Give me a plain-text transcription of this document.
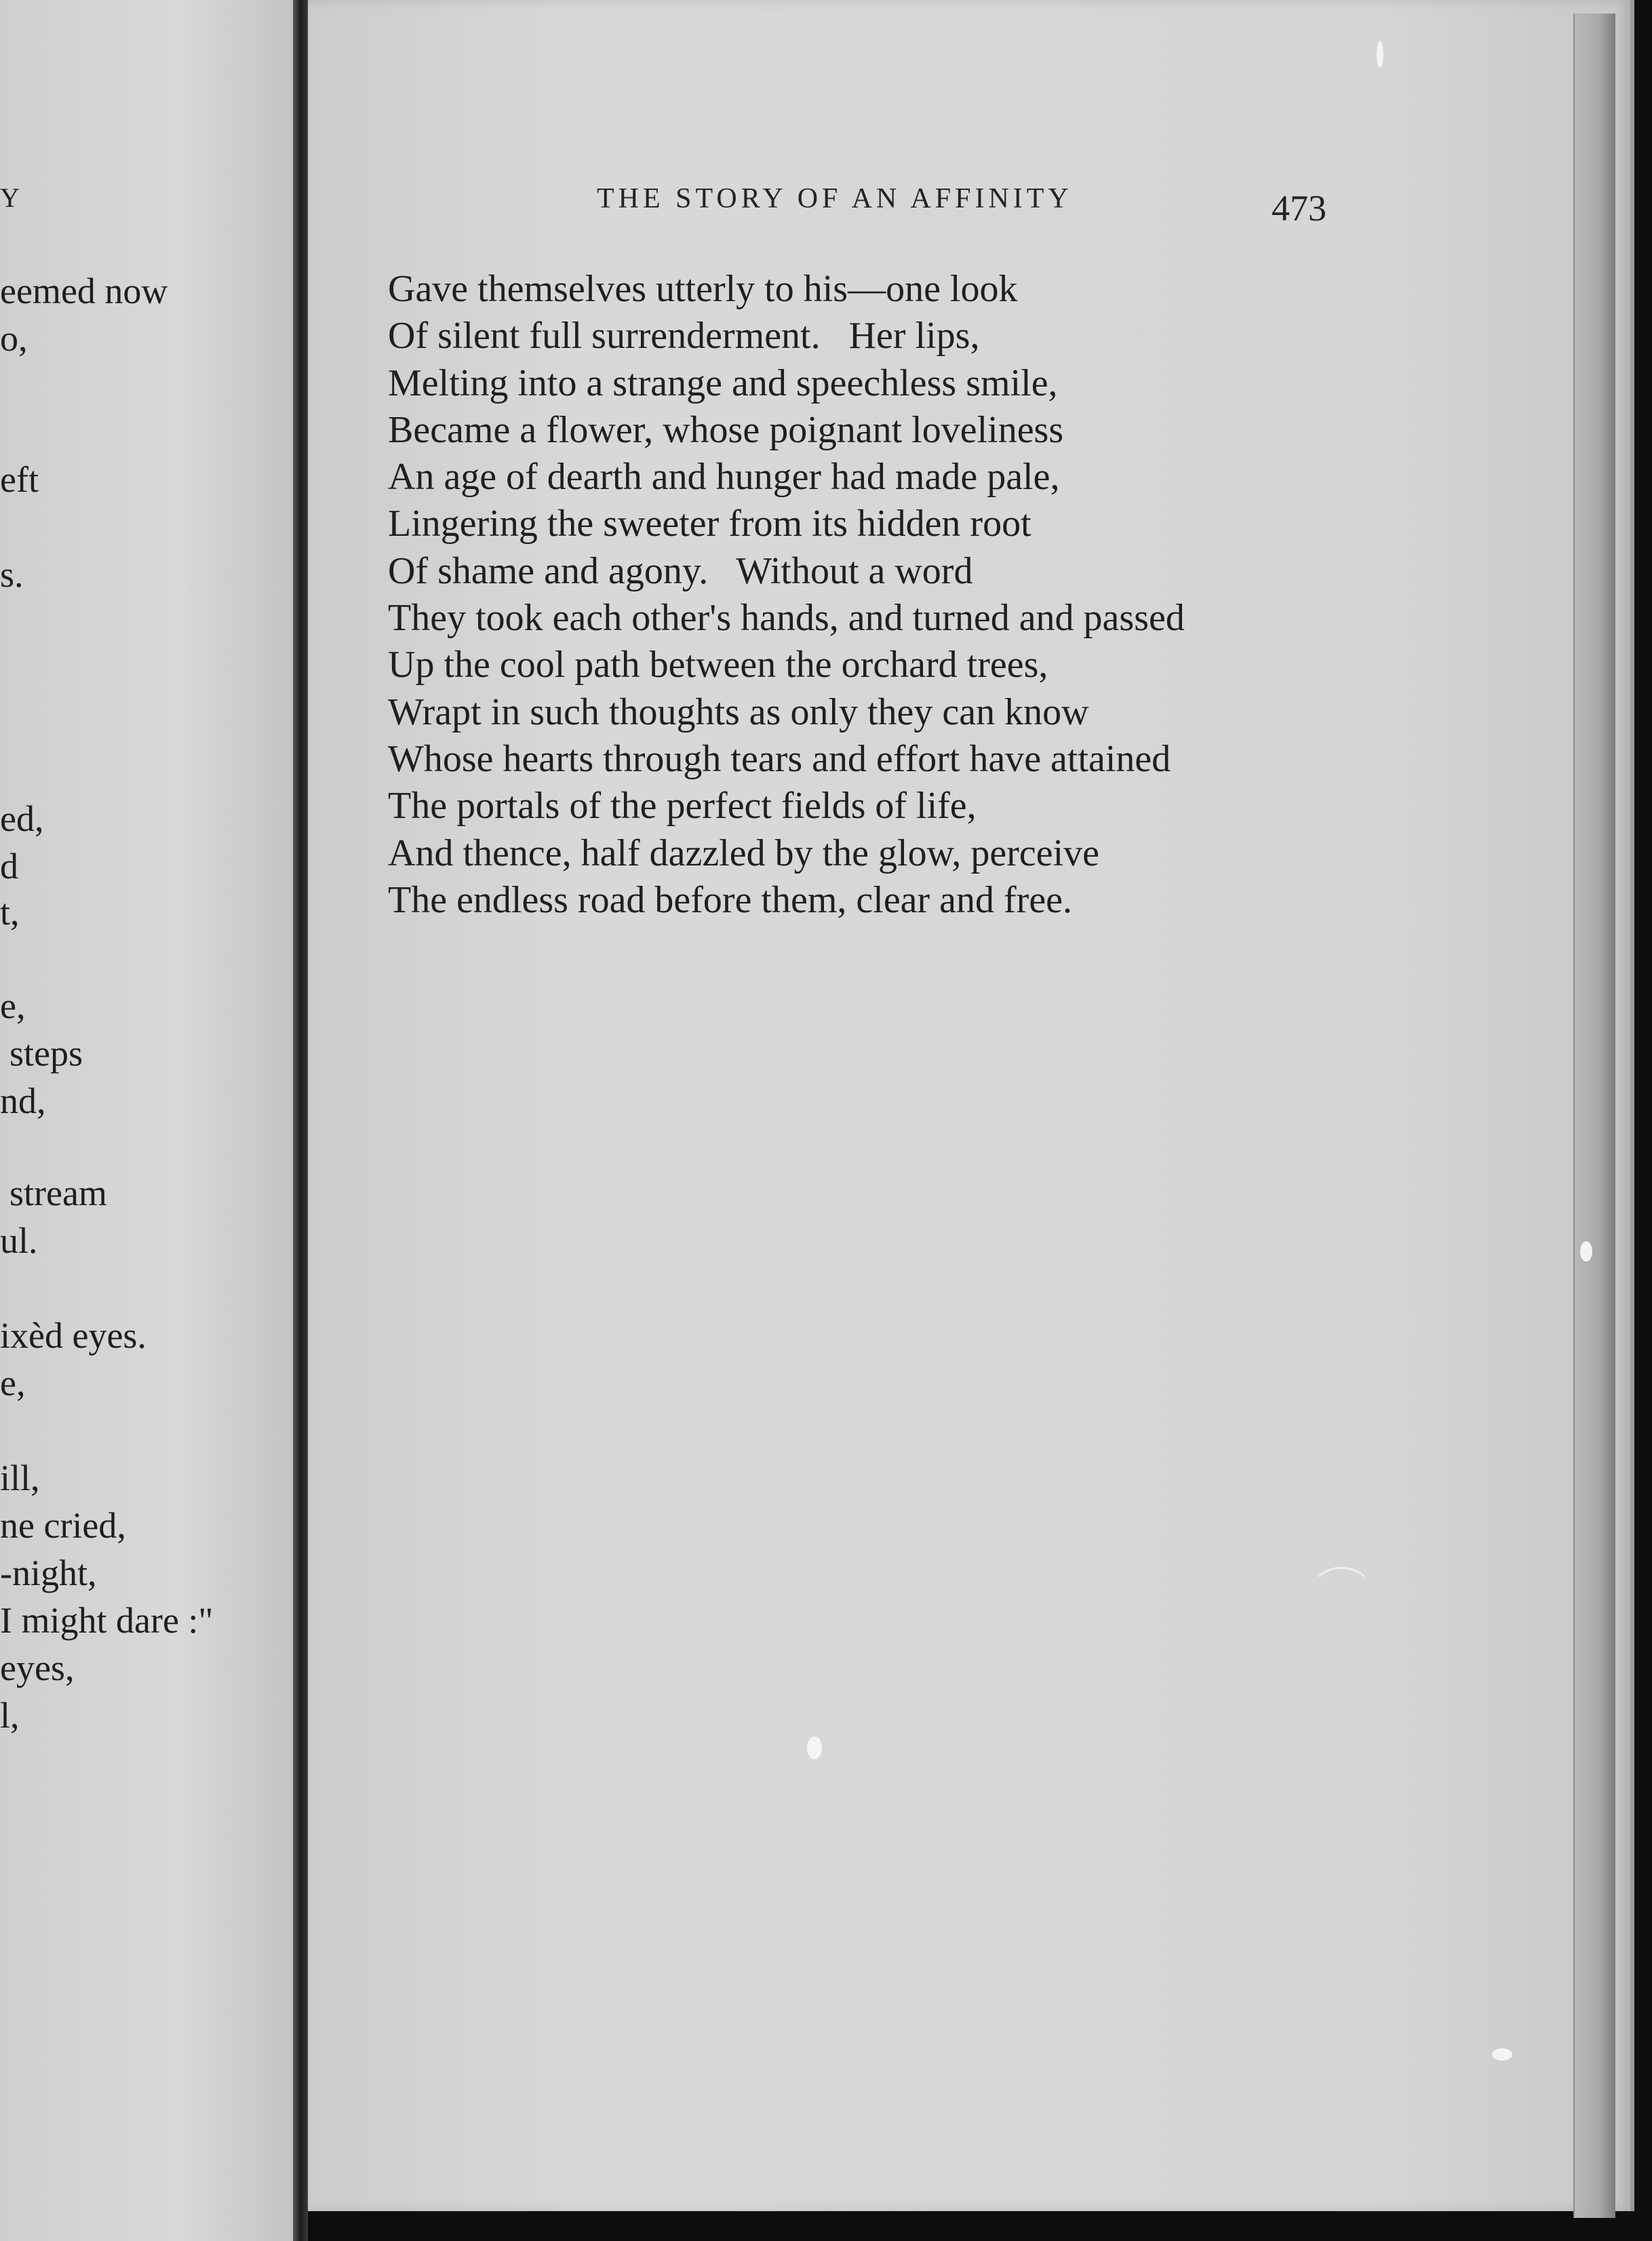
Y
eemed now
o,
eft
s.
ed,
d
t,
e,
steps
nd,
stream
ul.
ixèd eyes.
e,
ill,
ne cried,
-night,
I might dare :"
eyes,
l,
THE STORY OF AN AFFINITY	473
Gave themselves utterly to his—one look
Of silent full surrenderment.   Her lips,
Melting into a strange and speechless smile,
Became a flower, whose poignant loveliness
An age of dearth and hunger had made pale,
Lingering the sweeter from its hidden root
Of shame and agony.   Without a word
They took each other's hands, and turned and passed
Up the cool path between the orchard trees,
Wrapt in such thoughts as only they can know
Whose hearts through tears and effort have attained
The portals of the perfect fields of life,
And thence, half dazzled by the glow, perceive
The endless road before them, clear and free.
